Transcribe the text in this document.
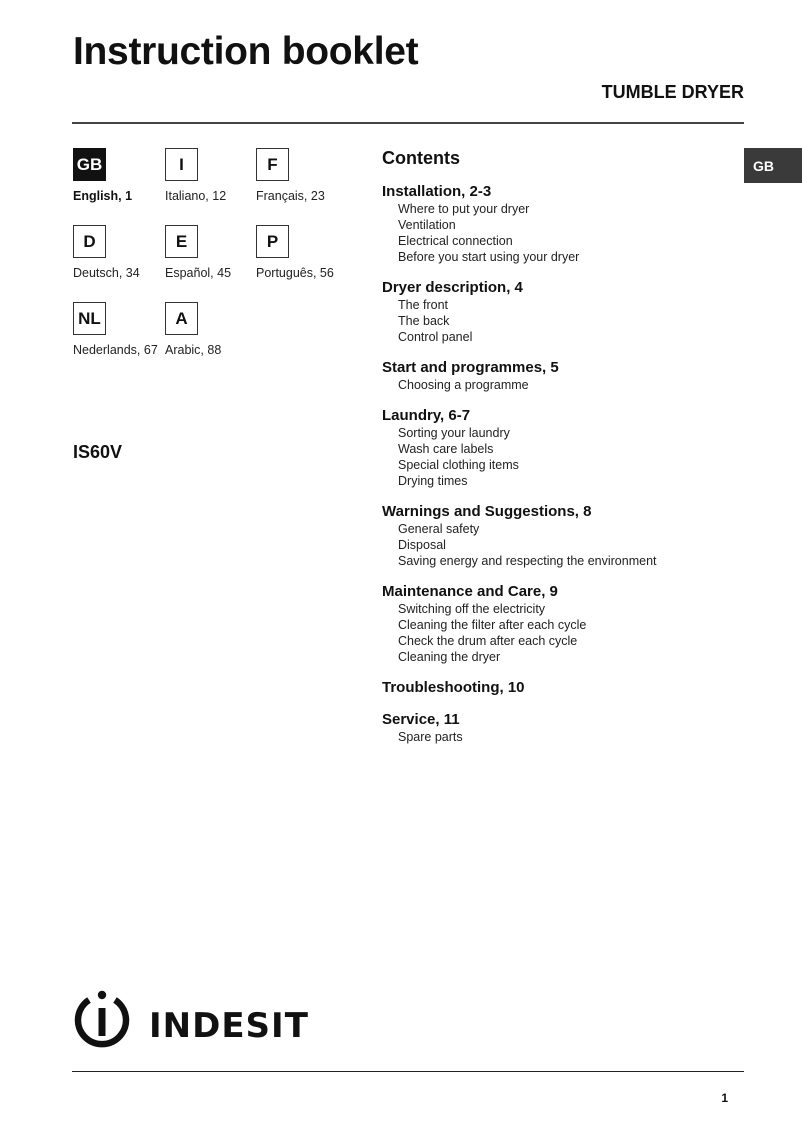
Instruction booklet
TUMBLE DRYER
GB
GB
English, 1
I
Italiano, 12
F
Français, 23
D
Deutsch, 34
E
Español, 45
P
Português, 56
NL
Nederlands, 67
A
Arabic, 88
IS60V
Contents
Installation, 2-3
Where to put your dryer
Ventilation
Electrical connection
Before you start using your dryer
Dryer description, 4
The front
The back
Control panel
Start and programmes, 5
Choosing a programme
Laundry, 6-7
Sorting your laundry
Wash care labels
Special clothing items
Drying times
Warnings and Suggestions, 8
General safety
Disposal
Saving energy and respecting the environment
Maintenance and Care, 9
Switching off the electricity
Cleaning the filter after each cycle
Check the drum after each cycle
Cleaning the dryer
Troubleshooting, 10
Service, 11
Spare parts
INDESIT
1
